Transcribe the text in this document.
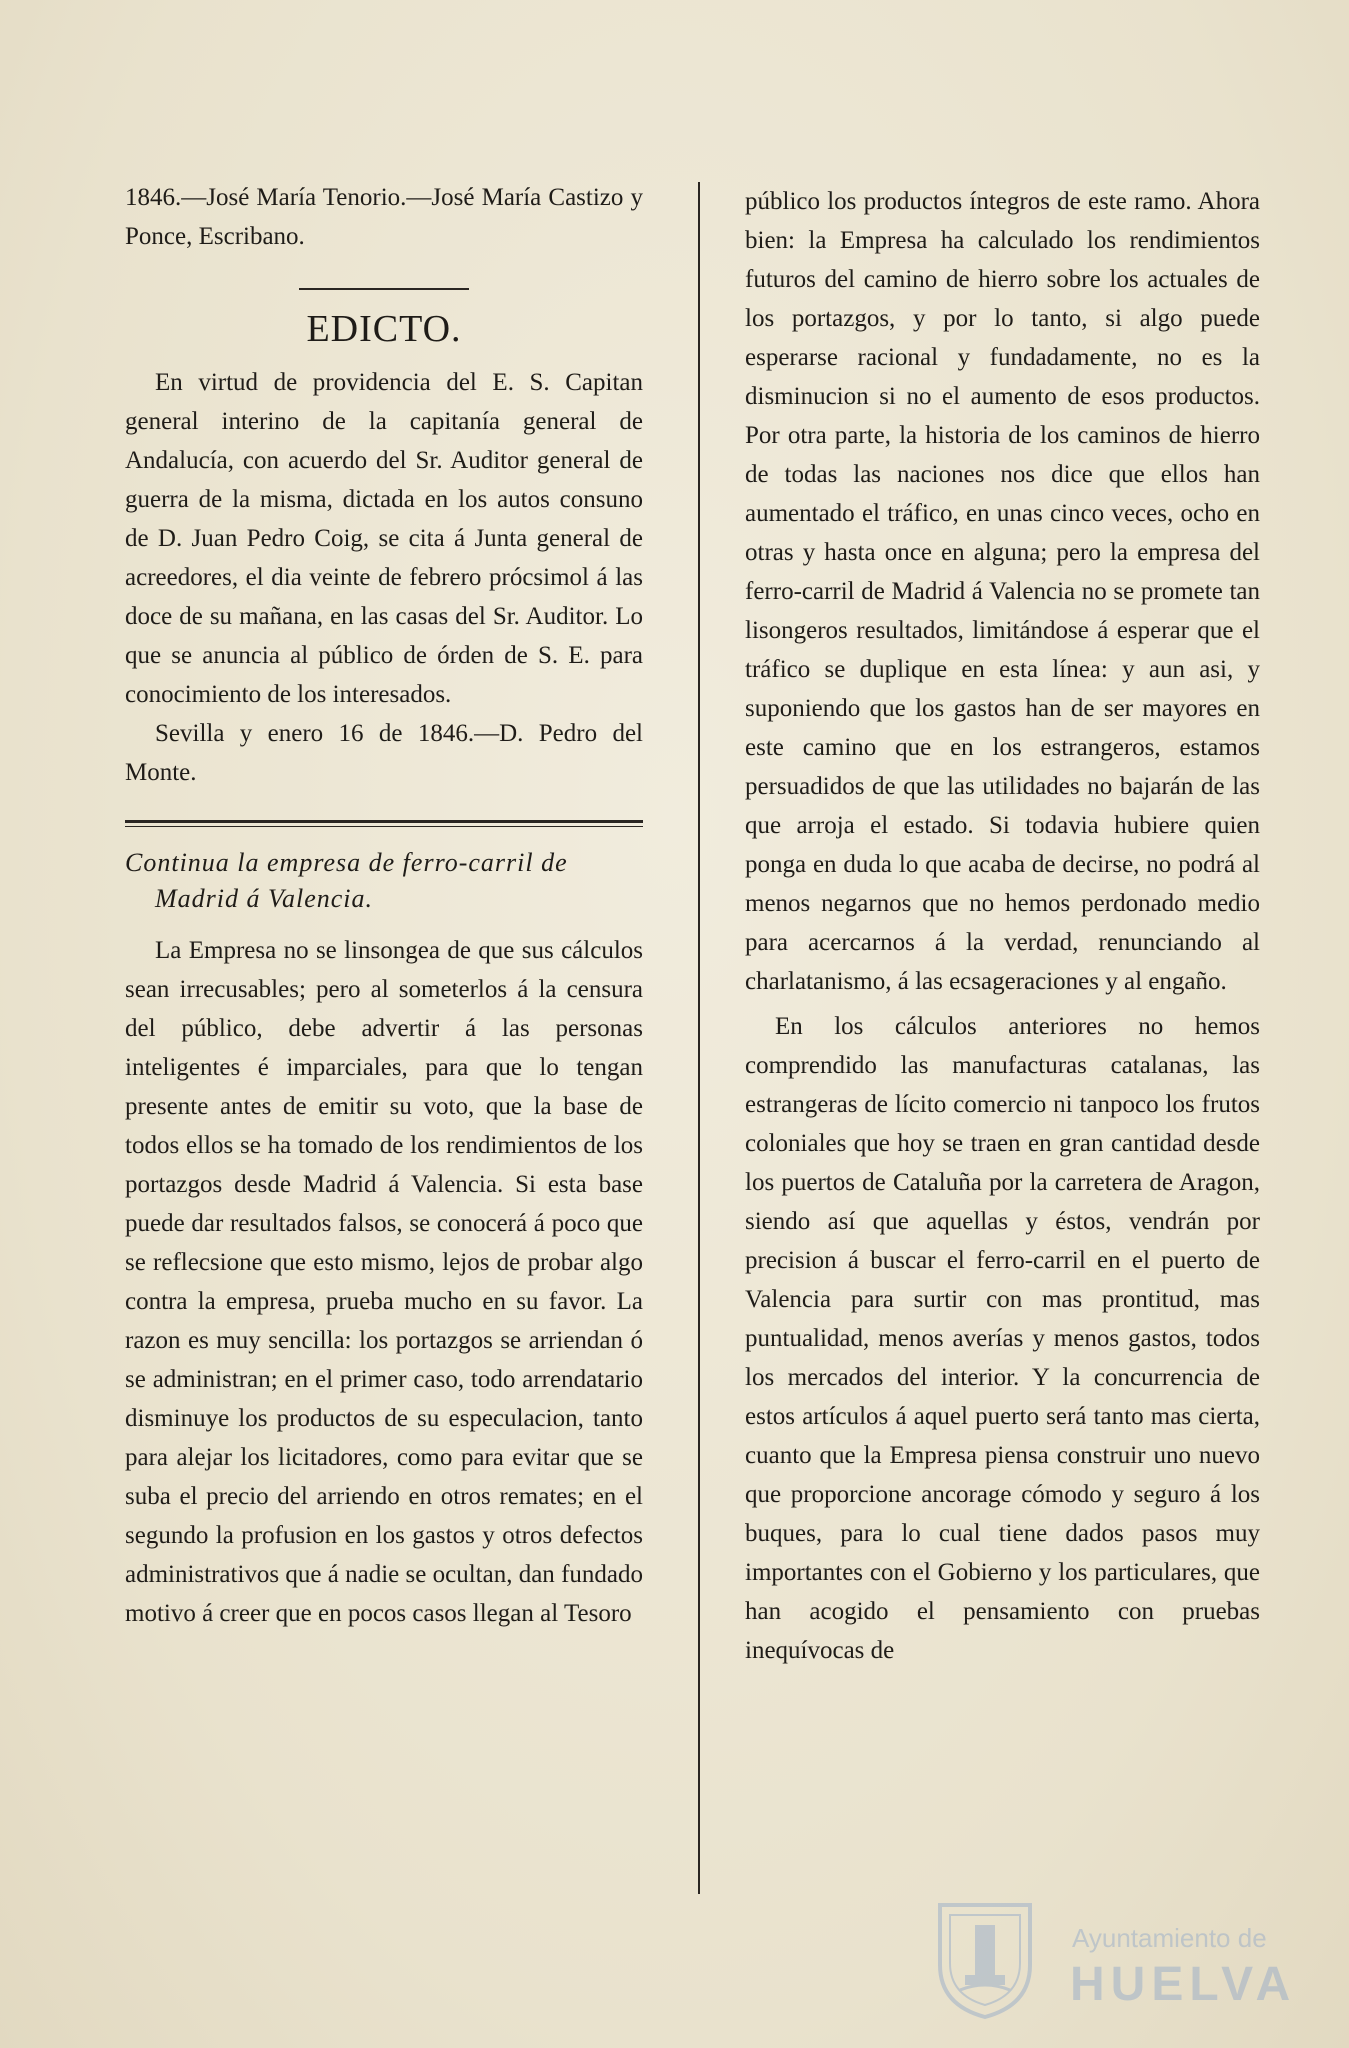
1846.—José María Tenorio.—José María Castizo y Ponce, Escribano.

EDICTO.

En virtud de providencia del E. S. Capitan general interino de la capitanía general de Andalucía, con acuerdo del Sr. Auditor general de guerra de la misma, dictada en los autos consuno de D. Juan Pedro Coig, se cita á Junta general de acreedores, el dia veinte de febrero prócsimol á las doce de su mañana, en las casas del Sr. Auditor. Lo que se anuncia al público de órden de S. E. para conocimiento de los interesados.

Sevilla y enero 16 de 1846.—D. Pedro del Monte.

Continua la empresa de ferro-carril de
Madrid á Valencia.

La Empresa no se linsongea de que sus cálculos sean irrecusables; pero al someterlos á la censura del público, debe advertir á las personas inteligentes é imparciales, para que lo tengan presente antes de emitir su voto, que la base de todos ellos se ha tomado de los rendimientos de los portazgos desde Madrid á Valencia. Si esta base puede dar resultados falsos, se conocerá á poco que se reflecsione que esto mismo, lejos de probar algo contra la empresa, prueba mucho en su favor. La razon es muy sencilla: los portazgos se arriendan ó se administran; en el primer caso, todo arrendatario disminuye los productos de su especulacion, tanto para alejar los licitadores, como para evitar que se suba el precio del arriendo en otros remates; en el segundo la profusion en los gastos y otros defectos administrativos que á nadie se ocultan, dan fundado motivo á creer que en pocos casos llegan al Tesoro

público los productos íntegros de este ramo. Ahora bien: la Empresa ha calculado los rendimientos futuros del camino de hierro sobre los actuales de los portazgos, y por lo tanto, si algo puede esperarse racional y fundadamente, no es la disminucion si no el aumento de esos productos. Por otra parte, la historia de los caminos de hierro de todas las naciones nos dice que ellos han aumentado el tráfico, en unas cinco veces, ocho en otras y hasta once en alguna; pero la empresa del ferro-carril de Madrid á Valencia no se promete tan lisongeros resultados, limitándose á esperar que el tráfico se duplique en esta línea: y aun asi, y suponiendo que los gastos han de ser mayores en este camino que en los estrangeros, estamos persuadidos de que las utilidades no bajarán de las que arroja el estado. Si todavia hubiere quien ponga en duda lo que acaba de decirse, no podrá al menos negarnos que no hemos perdonado medio para acercarnos á la verdad, renunciando al charlatanismo, á las ecsageraciones y al engaño.

En los cálculos anteriores no hemos comprendido las manufacturas catalanas, las estrangeras de lícito comercio ni tanpoco los frutos coloniales que hoy se traen en gran cantidad desde los puertos de Cataluña por la carretera de Aragon, siendo así que aquellas y éstos, vendrán por precision á buscar el ferro-carril en el puerto de Valencia para surtir con mas prontitud, mas puntualidad, menos averías y menos gastos, todos los mercados del interior. Y la concurrencia de estos artículos á aquel puerto será tanto mas cierta, cuanto que la Empresa piensa construir uno nuevo que proporcione ancorage cómodo y seguro á los buques, para lo cual tiene dados pasos muy importantes con el Gobierno y los particulares, que han acogido el pensamiento con pruebas inequívocas de

Ayuntamiento de
HUELVA
